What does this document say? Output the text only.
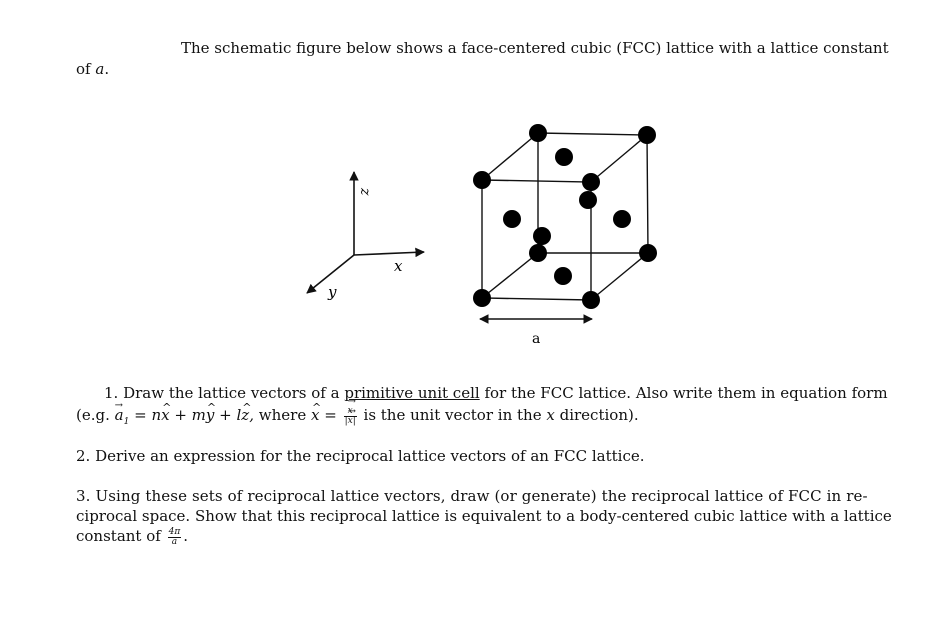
The schematic figure below shows a face-centered cubic (FCC) lattice with a lattice constant
of a.
z
x
y
a
1. Draw the lattice vectors of a primitive unit cell for the FCC lattice. Also write them in equation form
(e.g. → $a_1$ = n^ x + m^ y + l^ z, where ^ x = → $\frac{x}{|\to x|}$ is the unit vector in the x direction).
2. Derive an expression for the reciprocal lattice vectors of an FCC lattice.
3. Using these sets of reciprocal lattice vectors, draw (or generate) the reciprocal lattice of FCC in re-
ciprocal space. Show that this reciprocal lattice is equivalent to a body-centered cubic lattice with a lattice
constant of $\frac{4\pi}{a}$ .
